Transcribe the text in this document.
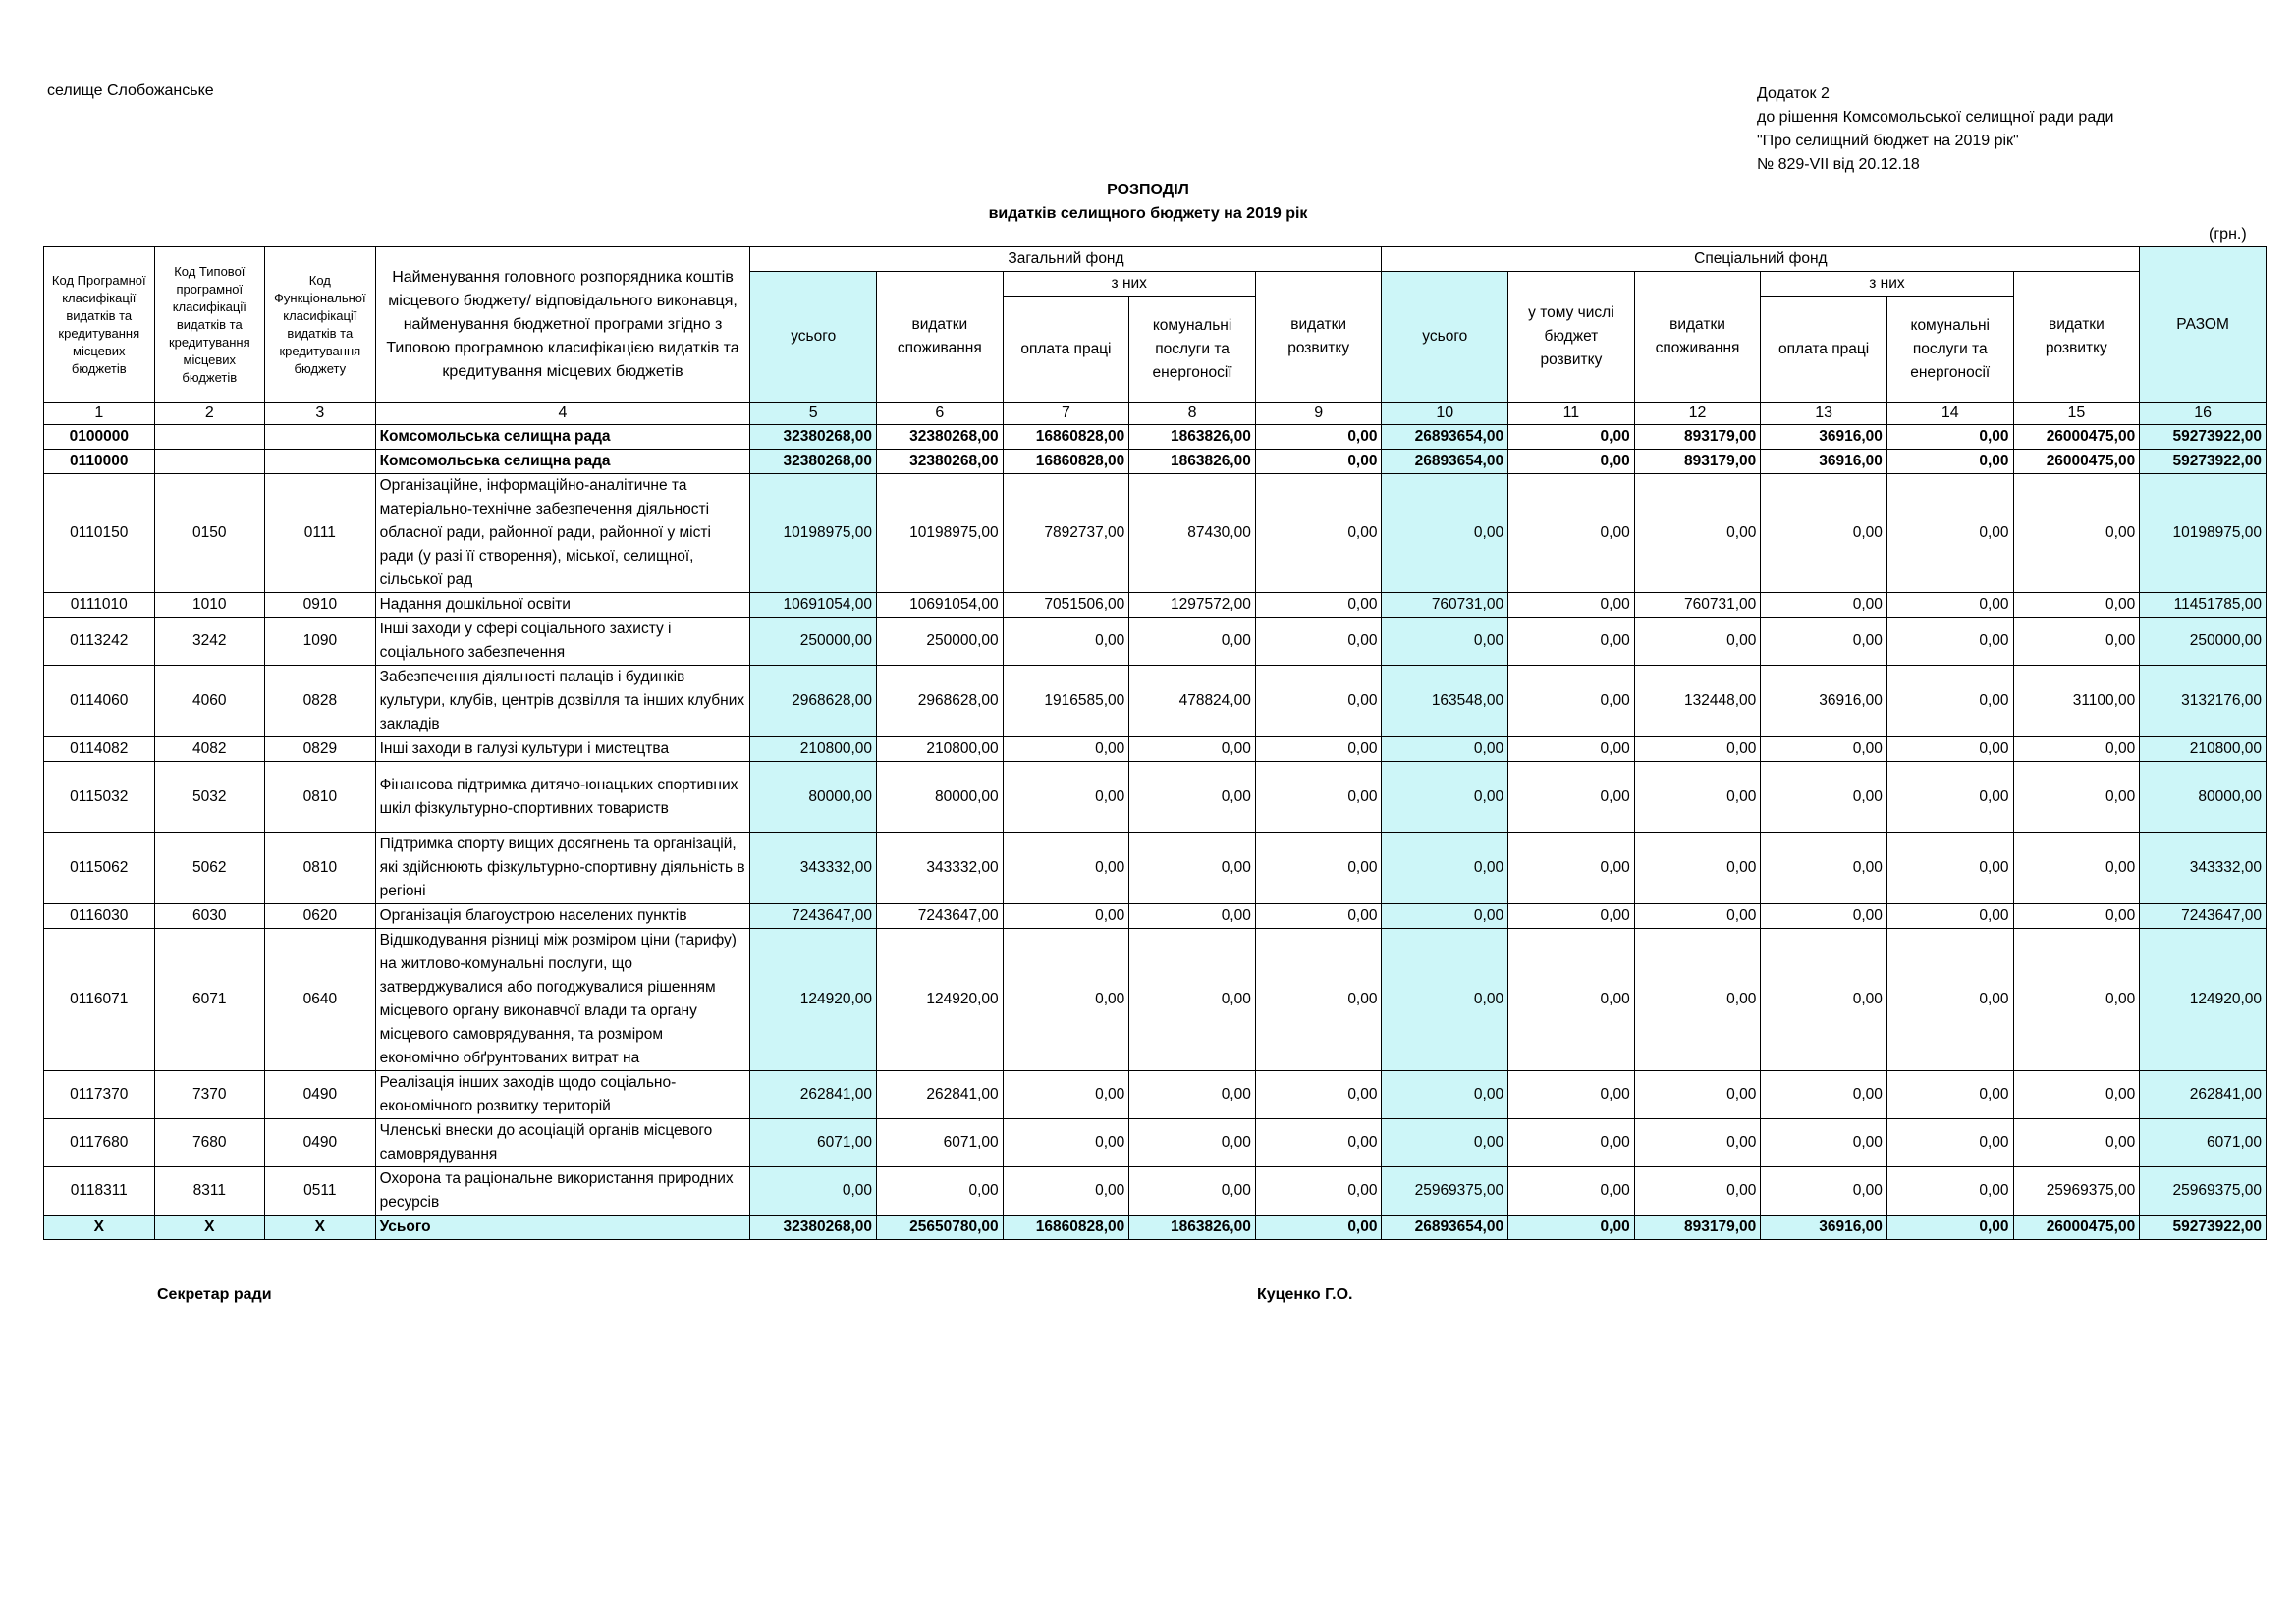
селище Слобожанське	Додаток 2
до рішення Комсомольської селищної ради ради
"Про селищний бюджет на 2019 рік"
№ 829-VII від 20.12.18
РОЗПОДІЛ
видатків селищного бюджету на 2019 рік
(грн.)
Код Програмної класифікації видатків та кредитування місцевих бюджетів	Код Типової програмної класифікації видатків та кредитування місцевих бюджетів	Код Функціональної класифікації видатків та кредитування бюджету	Найменування головного розпорядника коштів місцевого бюджету/ відповідального виконавця, найменування бюджетної програми згідно з Типовою програмною класифікацією видатків та кредитування місцевих бюджетів	Загальний фонд					Спеціальний фонд						РАЗОМ
				усього	видатки споживання	з них		видатки розвитку	усього	у тому числі бюджет розвитку	видатки споживання	з них		видатки розвитку	
						оплата праці	комунальні послуги та енергоносії					оплата праці	комунальні послуги та енергоносії		
1	2	3	4	5	6	7	8	9	10	11	12	13	14	15	16
0100000			Комсомольська селищна рада	32380268,00	32380268,00	16860828,00	1863826,00	0,00	26893654,00	0,00	893179,00	36916,00	0,00	26000475,00	59273922,00
0110000			Комсомольська селищна рада	32380268,00	32380268,00	16860828,00	1863826,00	0,00	26893654,00	0,00	893179,00	36916,00	0,00	26000475,00	59273922,00
0110150	0150	0111	Організаційне, інформаційно-аналітичне та матеріально-технічне забезпечення діяльності обласної ради, районної ради, районної у місті ради (у разі її створення), міської, селищної, сільської рад	10198975,00	10198975,00	7892737,00	87430,00	0,00	0,00	0,00	0,00	0,00	0,00	0,00	10198975,00
0111010	1010	0910	Надання дошкільної освіти	10691054,00	10691054,00	7051506,00	1297572,00	0,00	760731,00	0,00	760731,00	0,00	0,00	0,00	11451785,00
0113242	3242	1090	Інші заходи у сфері соціального захисту і соціального забезпечення	250000,00	250000,00	0,00	0,00	0,00	0,00	0,00	0,00	0,00	0,00	0,00	250000,00
0114060	4060	0828	Забезпечення діяльності палаців і будинків культури, клубів, центрів дозвілля та інших клубних закладів	2968628,00	2968628,00	1916585,00	478824,00	0,00	163548,00	0,00	132448,00	36916,00	0,00	31100,00	3132176,00
0114082	4082	0829	Інші заходи в галузі культури і мистецтва	210800,00	210800,00	0,00	0,00	0,00	0,00	0,00	0,00	0,00	0,00	0,00	210800,00
0115032	5032	0810	Фінансова підтримка дитячо-юнацьких спортивних шкіл фізкультурно-спортивних товариств	80000,00	80000,00	0,00	0,00	0,00	0,00	0,00	0,00	0,00	0,00	0,00	80000,00
0115062	5062	0810	Підтримка спорту вищих досягнень та організацій, які здійснюють фізкультурно-спортивну діяльність в регіоні	343332,00	343332,00	0,00	0,00	0,00	0,00	0,00	0,00	0,00	0,00	0,00	343332,00
0116030	6030	0620	Організація благоустрою населених пунктів	7243647,00	7243647,00	0,00	0,00	0,00	0,00	0,00	0,00	0,00	0,00	0,00	7243647,00
0116071	6071	0640	Відшкодування різниці між розміром ціни (тарифу) на житлово-комунальні послуги, що затверджувалися або погоджувалися рішенням місцевого органу виконавчої влади та органу місцевого самоврядування, та розміром економічно обґрунтованих витрат на	124920,00	124920,00	0,00	0,00	0,00	0,00	0,00	0,00	0,00	0,00	0,00	124920,00
0117370	7370	0490	Реалізація інших заходів щодо соціально-економічного розвитку територій	262841,00	262841,00	0,00	0,00	0,00	0,00	0,00	0,00	0,00	0,00	0,00	262841,00
0117680	7680	0490	Членські внески до асоціацій органів місцевого самоврядування	6071,00	6071,00	0,00	0,00	0,00	0,00	0,00	0,00	0,00	0,00	0,00	6071,00
0118311	8311	0511	Охорона та раціональне використання природних ресурсів	0,00	0,00	0,00	0,00	0,00	25969375,00	0,00	0,00	0,00	0,00	25969375,00	25969375,00
Х	Х	Х	Усього	32380268,00	25650780,00	16860828,00	1863826,00	0,00	26893654,00	0,00	893179,00	36916,00	0,00	26000475,00	59273922,00
Секретар ради	Куценко Г.О.
